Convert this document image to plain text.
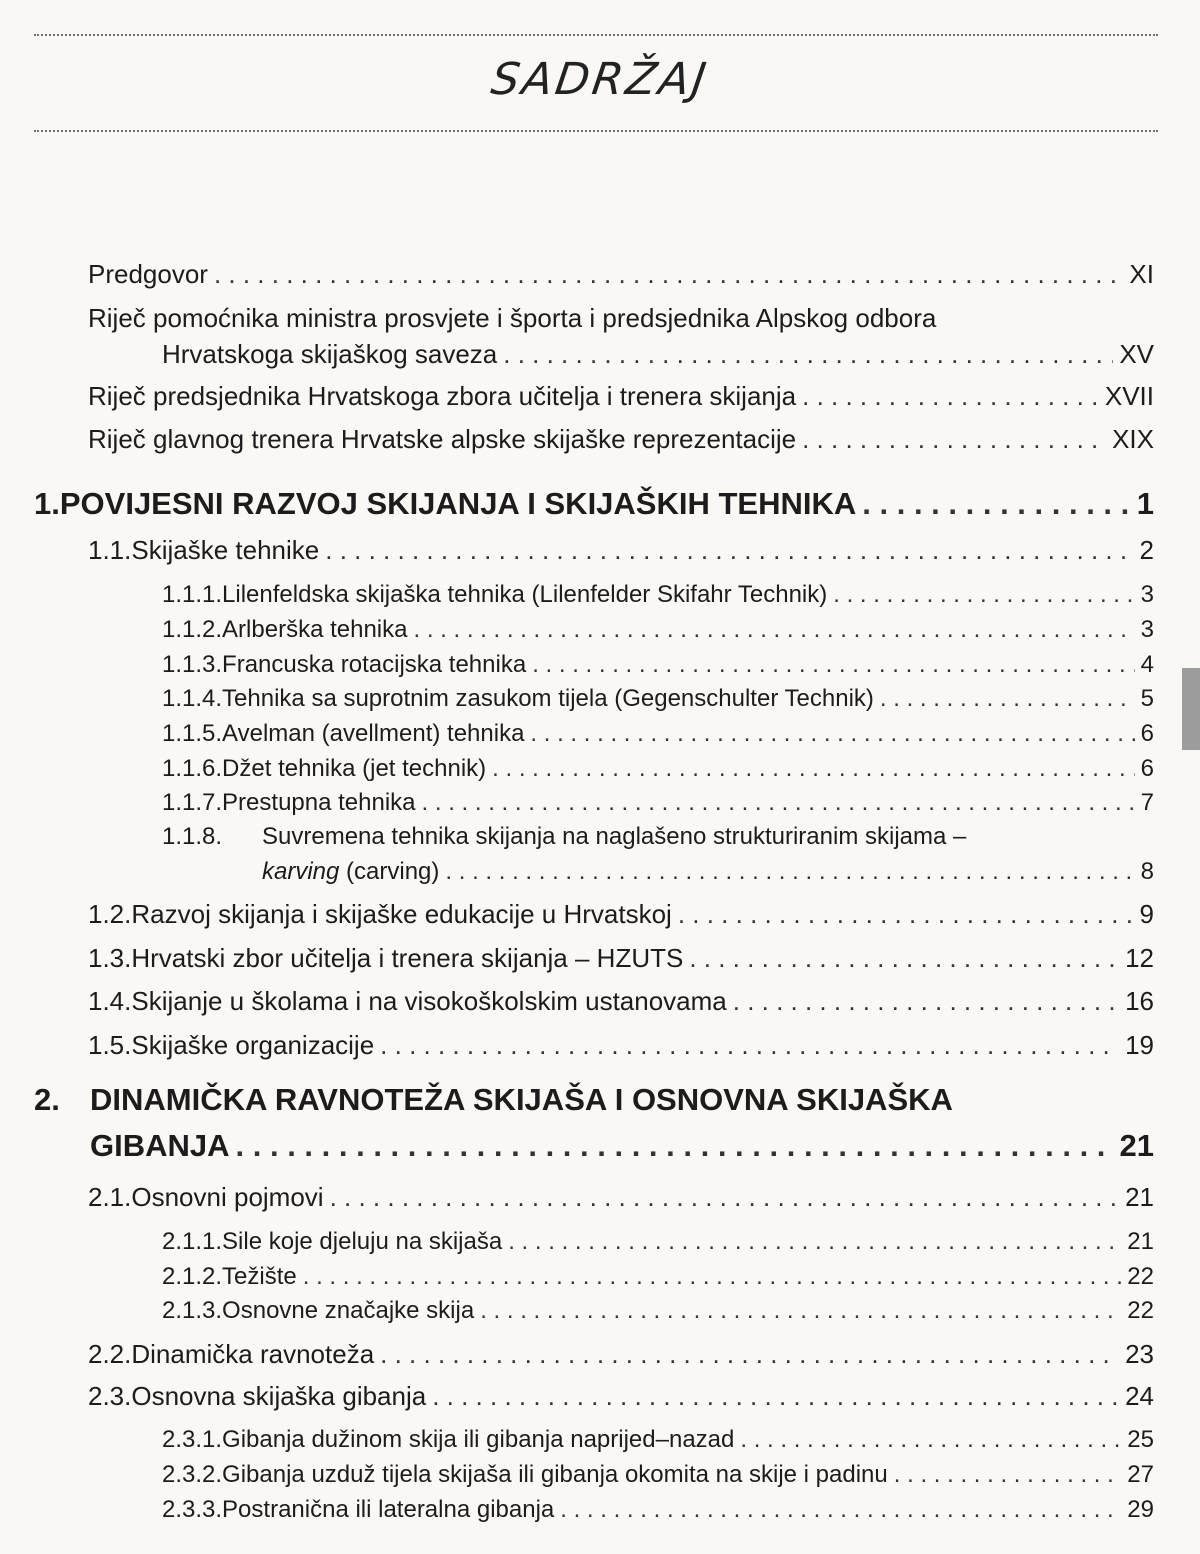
SADRŽAJ
Predgovor . . .	XI
Riječ pomoćnika ministra prosvjete i športa i predsjednika Alpskog odbora
Hrvatskoga skijaškog saveza . . .	XV
Riječ predsjednika Hrvatskoga zbora učitelja i trenera skijanja . . .	XVII
Riječ glavnog trenera Hrvatske alpske skijaške reprezentacije . . .	XIX
1. POVIJESNI RAZVOJ SKIJANJA I SKIJAŠKIH TEHNIKA . . .	1
1.1. Skijaške tehnike . . .	2
1.1.1. Lilenfeldska skijaška tehnika (Lilenfelder Skifahr Technik) . . .	3
1.1.2. Arlberška tehnika . . .	3
1.1.3. Francuska rotacijska tehnika . . .	4
1.1.4. Tehnika sa suprotnim zasukom tijela (Gegenschulter Technik) . . .	5
1.1.5. Avelman (avellment) tehnika . . .	6
1.1.6. Džet tehnika (jet technik) . . .	6
1.1.7. Prestupna tehnika . . .	7
1.1.8.	Suvremena tehnika skijanja na naglašeno strukturiranim skijama –
karving (carving) . . .	8
1.2. Razvoj skijanja i skijaške edukacije u Hrvatskoj . . .	9
1.3. Hrvatski zbor učitelja i trenera skijanja – HZUTS . . .	12
1.4. Skijanje u školama i na visokoškolskim ustanovama . . .	16
1.5. Skijaške organizacije . . .	19
2. DINAMIČKA RAVNOTEŽA SKIJAŠA I OSNOVNA SKIJAŠKA
GIBANJA . . .	21
2.1. Osnovni pojmovi . . .	21
2.1.1. Sile koje djeluju na skijaša . . .	21
2.1.2. Težište . . .	22
2.1.3. Osnovne značajke skija . . .	22
2.2. Dinamička ravnoteža . . .	23
2.3. Osnovna skijaška gibanja . . .	24
2.3.1. Gibanja dužinom skija ili gibanja naprijed–nazad . . .	25
2.3.2. Gibanja uzduž tijela skijaša ili gibanja okomita na skije i padinu . . .	27
2.3.3. Postranična ili lateralna gibanja . . .	29
